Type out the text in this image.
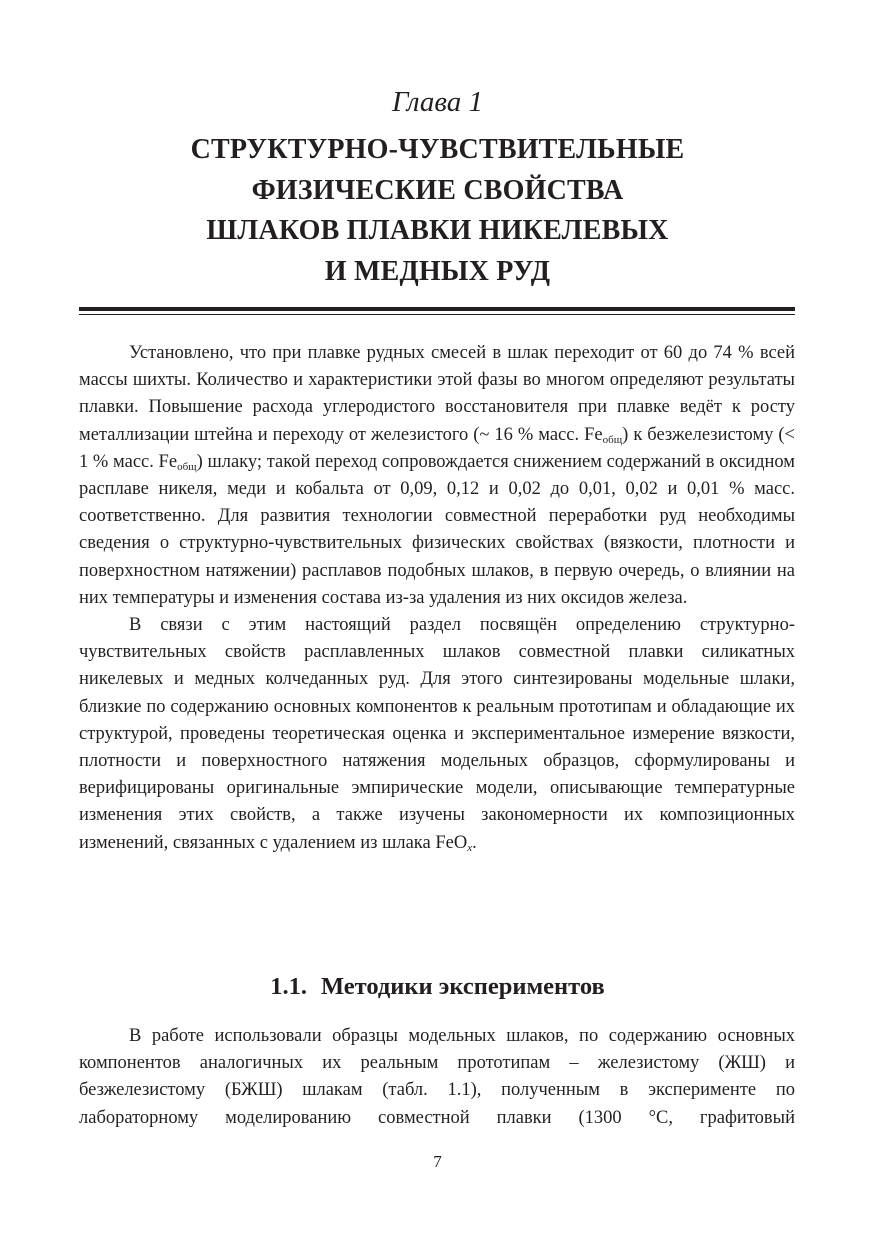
Глава 1
СТРУКТУРНО-ЧУВСТВИТЕЛЬНЫЕ
ФИЗИЧЕСКИЕ СВОЙСТВА
ШЛАКОВ ПЛАВКИ НИКЕЛЕВЫХ
И МЕДНЫХ РУД

Установлено, что при плавке рудных смесей в шлак переходит от 60 до 74 % всей массы шихты. Количество и характеристики этой фазы во многом определяют результаты плавки. Повышение расхода углеродистого восстановителя при плавке ведёт к росту металлизации штейна и переходу от железистого (~ 16 % масс. $Fe_{общ}$) к безжелезистому (< 1 % масс. $Fe_{общ}$) шлаку; такой переход сопровождается снижением содержаний в оксидном расплаве никеля, меди и кобальта от 0,09, 0,12 и 0,02 до 0,01, 0,02 и 0,01 % масс. соответственно. Для развития технологии совместной переработки руд необходимы сведения о структурно-чувствительных физических свойствах (вязкости, плотности и поверхностном натяжении) расплавов подобных шлаков, в первую очередь, о влиянии на них температуры и изменения состава из-за удаления из них оксидов железа.

В связи с этим настоящий раздел посвящён определению структурно-чувствительных свойств расплавленных шлаков совместной плавки силикатных никелевых и медных колчеданных руд. Для этого синтезированы модельные шлаки, близкие по содержанию основных компонентов к реальным прототипам и обладающие их структурой, проведены теоретическая оценка и экспериментальное измерение вязкости, плотности и поверхностного натяжения модельных образцов, сформулированы и верифицированы оригинальные эмпирические модели, описывающие температурные изменения этих свойств, а также изучены закономерности их композиционных изменений, связанных с удалением из шлака FeO$_x$.

1.1. Методики экспериментов

В работе использовали образцы модельных шлаков, по содержанию основных компонентов аналогичных их реальным прототипам – железистому (ЖШ) и безжелезистому (БЖШ) шлакам (табл. 1.1), полученным в эксперименте по лабораторному моделированию совместной плавки (1300 °С, графитовый

7
